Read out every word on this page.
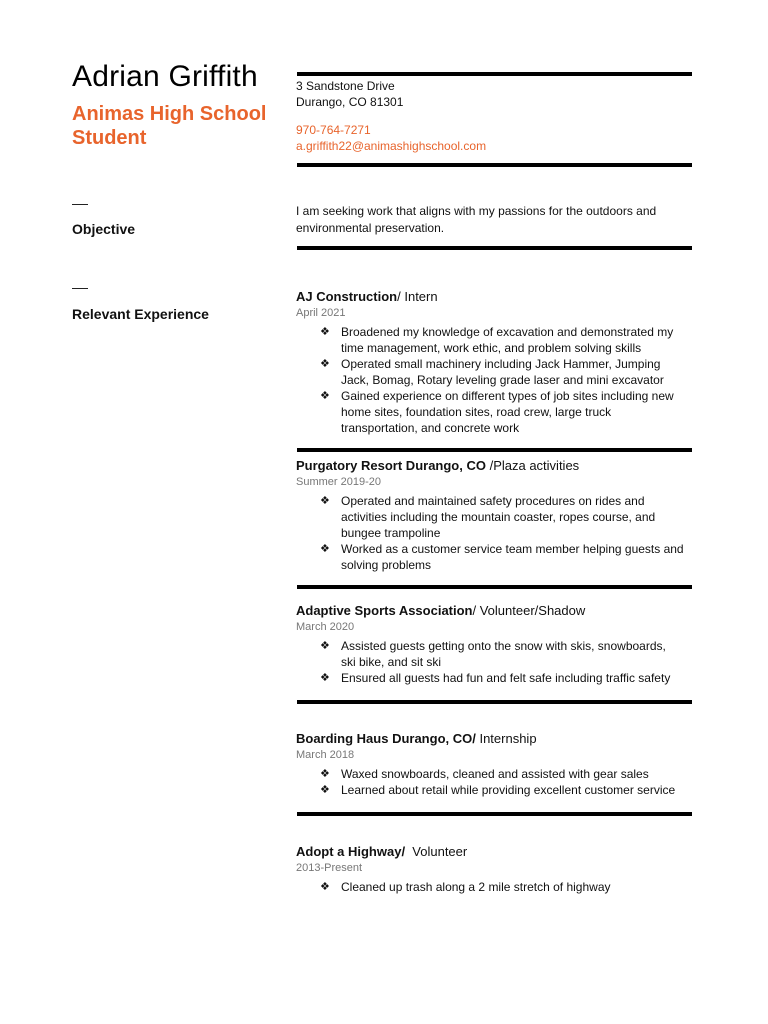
Adrian Griffith
Animas High School Student
Objective
Relevant Experience
3 Sandstone Drive
Durango, CO 81301
970-764-7271
a.griffith22@animashighschool.com
I am seeking work that aligns with my passions for the outdoors and
environmental preservation.
AJ Construction/ Intern
April 2021
❖ Broadened my knowledge of excavation and demonstrated my
time management, work ethic, and problem solving skills
❖ Operated small machinery including Jack Hammer, Jumping
Jack, Bomag, Rotary leveling grade laser and mini excavator
❖ Gained experience on different types of job sites including new
home sites, foundation sites, road crew, large truck
transportation, and concrete work
Purgatory Resort Durango, CO /Plaza activities
Summer 2019-20
❖ Operated and maintained safety procedures on rides and
activities including the mountain coaster, ropes course, and
bungee trampoline
❖ Worked as a customer service team member helping guests and
solving problems
Adaptive Sports Association/ Volunteer/Shadow
March 2020
❖ Assisted guests getting onto the snow with skis, snowboards,
ski bike, and sit ski
❖ Ensured all guests had fun and felt safe including traffic safety
Boarding Haus Durango, CO/ Internship
March 2018
❖ Waxed snowboards, cleaned and assisted with gear sales
❖ Learned about retail while providing excellent customer service
Adopt a Highway/  Volunteer
2013-Present
❖ Cleaned up trash along a 2 mile stretch of highway
